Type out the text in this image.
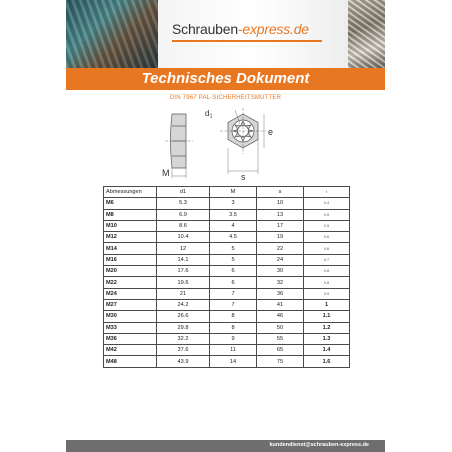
Schrauben-express.de
Technisches Dokument
DIN 7967 PAL-SICHERHEITSMUTTER
M
d1
e
s
Abmessungen	d1	M	s	t
M6	5.3	3	10	0.4
M8	6.9	3.5	13	0.5
M10	8.6	4	17	0.5
M12	10.4	4.5	19	0.6
M14	12	5	22	0.6
M16	14.1	5	24	0.7
M20	17.6	6	30	0.8
M22	19.6	6	32	0.8
M24	21	7	36	0.9
M27	24.2	7	41	1
M30	26.6	8	46	1.1
M33	29.8	8	50	1.2
M36	32.2	9	55	1.3
M42	37.6	11	65	1.4
M48	43.9	14	75	1.6
kundendienst@schrauben-express.de
